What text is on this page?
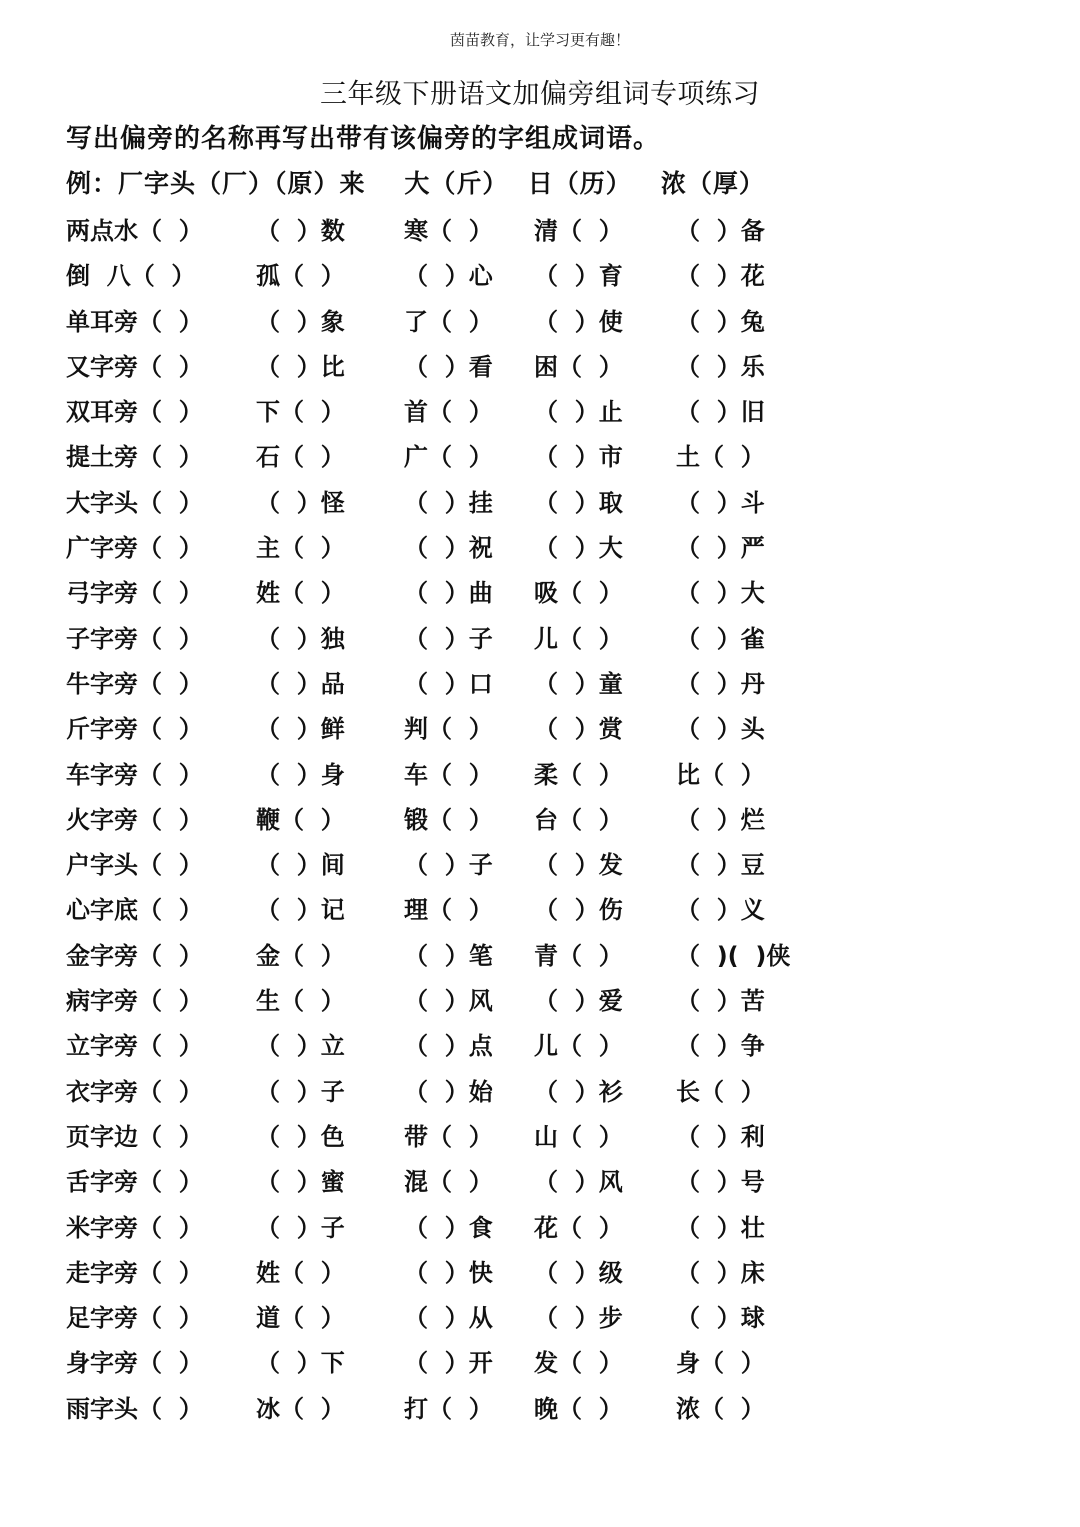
茵苗教育，让学习更有趣！
三年级下册语文加偏旁组词专项练习
写出偏旁的名称再写出带有该偏旁的字组成词语。
例：厂字头（厂）（原）来    大（斤）  日（历）   浓（厚）
两点水（  ） （  ）数 寒（  ） 清（  ） （  ）备
倒  八（  ）	孤（  ） （  ）心 （  ）育 （  ）花
单耳旁（  ） （  ）象 了（  ） （  ）使 （  ）兔
又字旁（  ） （  ）比 （  ）看 困（  ） （  ）乐
双耳旁（  ） 下（  ） 首（  ） （  ）止 （  ）旧
提土旁（  ） 石（  ） 广（  ） （  ）市 土（  ）
大字头（  ） （  ）怪 （  ）挂 （  ）取 （  ）斗
广字旁（  ） 主（  ） （  ）祝 （  ）大 （  ）严
弓字旁（  ） 姓（  ） （  ）曲 吸（  ） （  ）大
子字旁（  ） （  ）独 （  ）子 儿（  ） （  ）雀
牛字旁（  ） （  ）品 （  ）口 （  ）童 （  ）丹
斤字旁（  ） （  ）鲜 判（  ） （  ）赏 （  ）头
车字旁（  ） （  ）身 车（  ） 柔（  ） 比（  ）
火字旁（  ） 鞭（  ） 锻（  ） 台（  ） （  ）烂
户字头（  ） （  ）间 （  ）子 （  ）发 （  ）豆
心字底（  ） （  ）记 理（  ） （  ）伤 （  ）义
金字旁（  ） 金（  ） （  ）笔 青（  ） （  )(  )侠
病字旁（  ） 生（  ） （  ）风 （  ）爱 （  ）苦
立字旁（  ） （  ）立 （  ）点 儿（  ） （  ）争
衣字旁（  ） （  ）子 （  ）始 （  ）衫 长（  ）
页字边（  ） （  ）色 带（  ） 山（  ） （  ）利
舌字旁（  ） （  ）蜜 混（  ） （  ）风 （  ）号
米字旁（  ） （  ）子 （  ）食 花（  ） （  ）壮
走字旁（  ） 姓（  ） （  ）快 （  ）级 （  ）床
足字旁（  ） 道（  ） （  ）从 （  ）步 （  ）球
身字旁（  ） （  ）下 （  ）开 发（  ） 身（  ）
雨字头（  ） 冰（  ） 打（  ） 晚（  ） 浓（  ）
